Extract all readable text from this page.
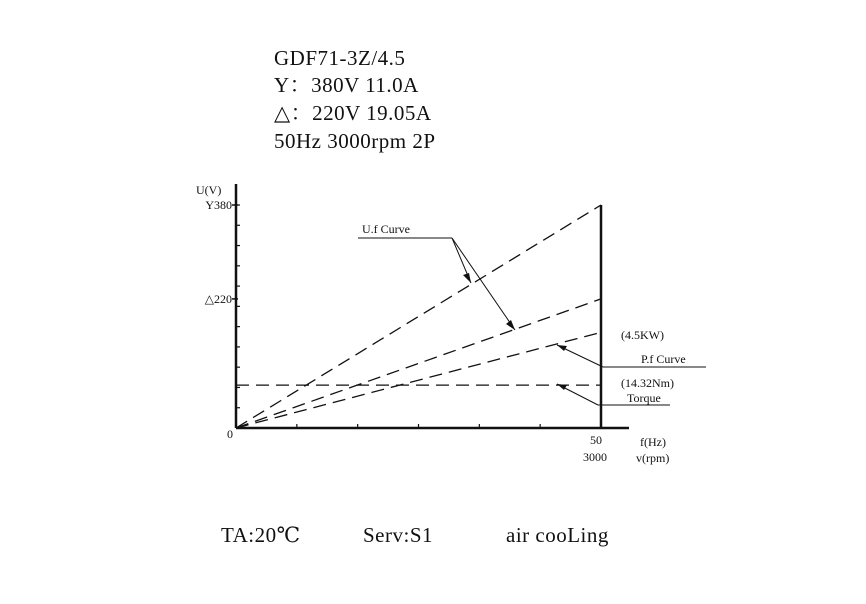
GDF71-3Z/4.5
Y：380V 11.0A
△：220V 19.05A
50Hz 3000rpm 2P
U(V)
f(Hz)
v(rpm)
Y380
△220
0	50
3000
U.f Curve
(4.5KW)
P.f Curve
(14.32Nm)
Torque
TA:20℃	Serv:S1	air cooLing
